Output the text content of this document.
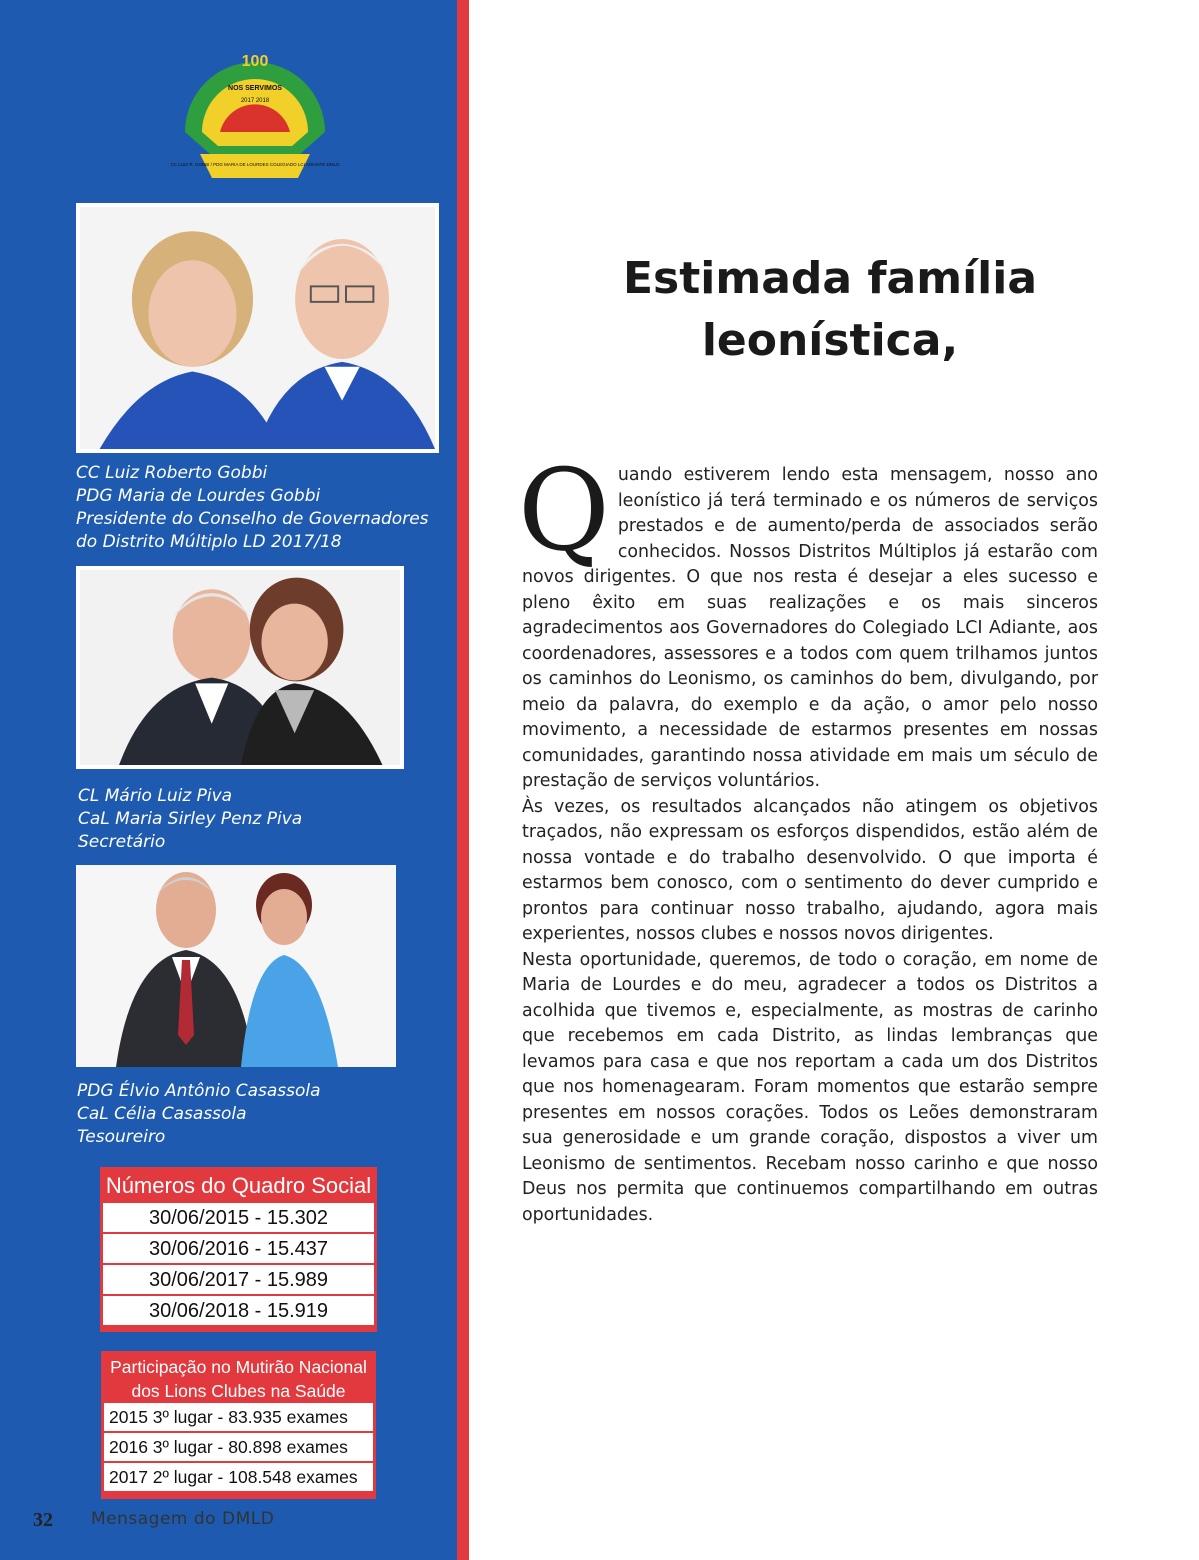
100
NOS SERVIMOS
2017 2018
CC LUIZ R. GOBBI / PDG MARIA DE LOURDES COLEGIADO LCI ADIANTE DMLD
CC Luiz Roberto Gobbi
PDG Maria de Lourdes Gobbi
Presidente do Conselho de Governadores
do Distrito Múltiplo LD 2017/18
CL Mário Luiz Piva
CaL Maria Sirley Penz Piva
Secretário
PDG Élvio Antônio Casassola
CaL Célia Casassola
Tesoureiro
Números do Quadro Social
30/06/2015 - 15.302
30/06/2016 - 15.437
30/06/2017 - 15.989
30/06/2018 - 15.919
Participação no Mutirão Nacional
dos Lions Clubes na Saúde
2015 3º lugar - 83.935 exames
2016 3º lugar - 80.898 exames
2017 2º lugar - 108.548 exames
32 Mensagem do DMLD
Estimada família
leonística,

Quando estiverem lendo esta mensagem, nosso ano leonístico já terá terminado e os números de serviços prestados e de aumento/perda de associados serão conhecidos. Nossos Distritos Múltiplos já estarão com novos dirigentes. O que nos resta é desejar a eles sucesso e pleno êxito em suas realizações e os mais sinceros agradecimentos aos Governadores do Colegiado LCI Adiante, aos coordenadores, assessores e a todos com quem trilhamos juntos os caminhos do Leonismo, os caminhos do bem, divulgando, por meio da palavra, do exemplo e da ação, o amor pelo nosso movimento, a necessidade de estarmos presentes em nossas comunidades, garantindo nossa atividade em mais um século de prestação de serviços voluntários.

Às vezes, os resultados alcançados não atingem os objetivos traçados, não expressam os esforços dispendidos, estão além de nossa vontade e do trabalho desenvolvido. O que importa é estarmos bem conosco, com o sentimento do dever cumprido e prontos para continuar nosso trabalho, ajudando, agora mais experientes, nossos clubes e nossos novos dirigentes.

Nesta oportunidade, queremos, de todo o coração, em nome de Maria de Lourdes e do meu, agradecer a todos os Distritos a acolhida que tivemos e, especialmente, as mostras de carinho que recebemos em cada Distrito, as lindas lembranças que levamos para casa e que nos reportam a cada um dos Distritos que nos homenagearam. Foram momentos que estarão sempre presentes em nossos corações. Todos os Leões demonstraram sua generosidade e um grande coração, dispostos a viver um Leonismo de sentimentos. Recebam nosso carinho e que nosso Deus nos permita que continuemos compartilhando em outras oportunidades.
